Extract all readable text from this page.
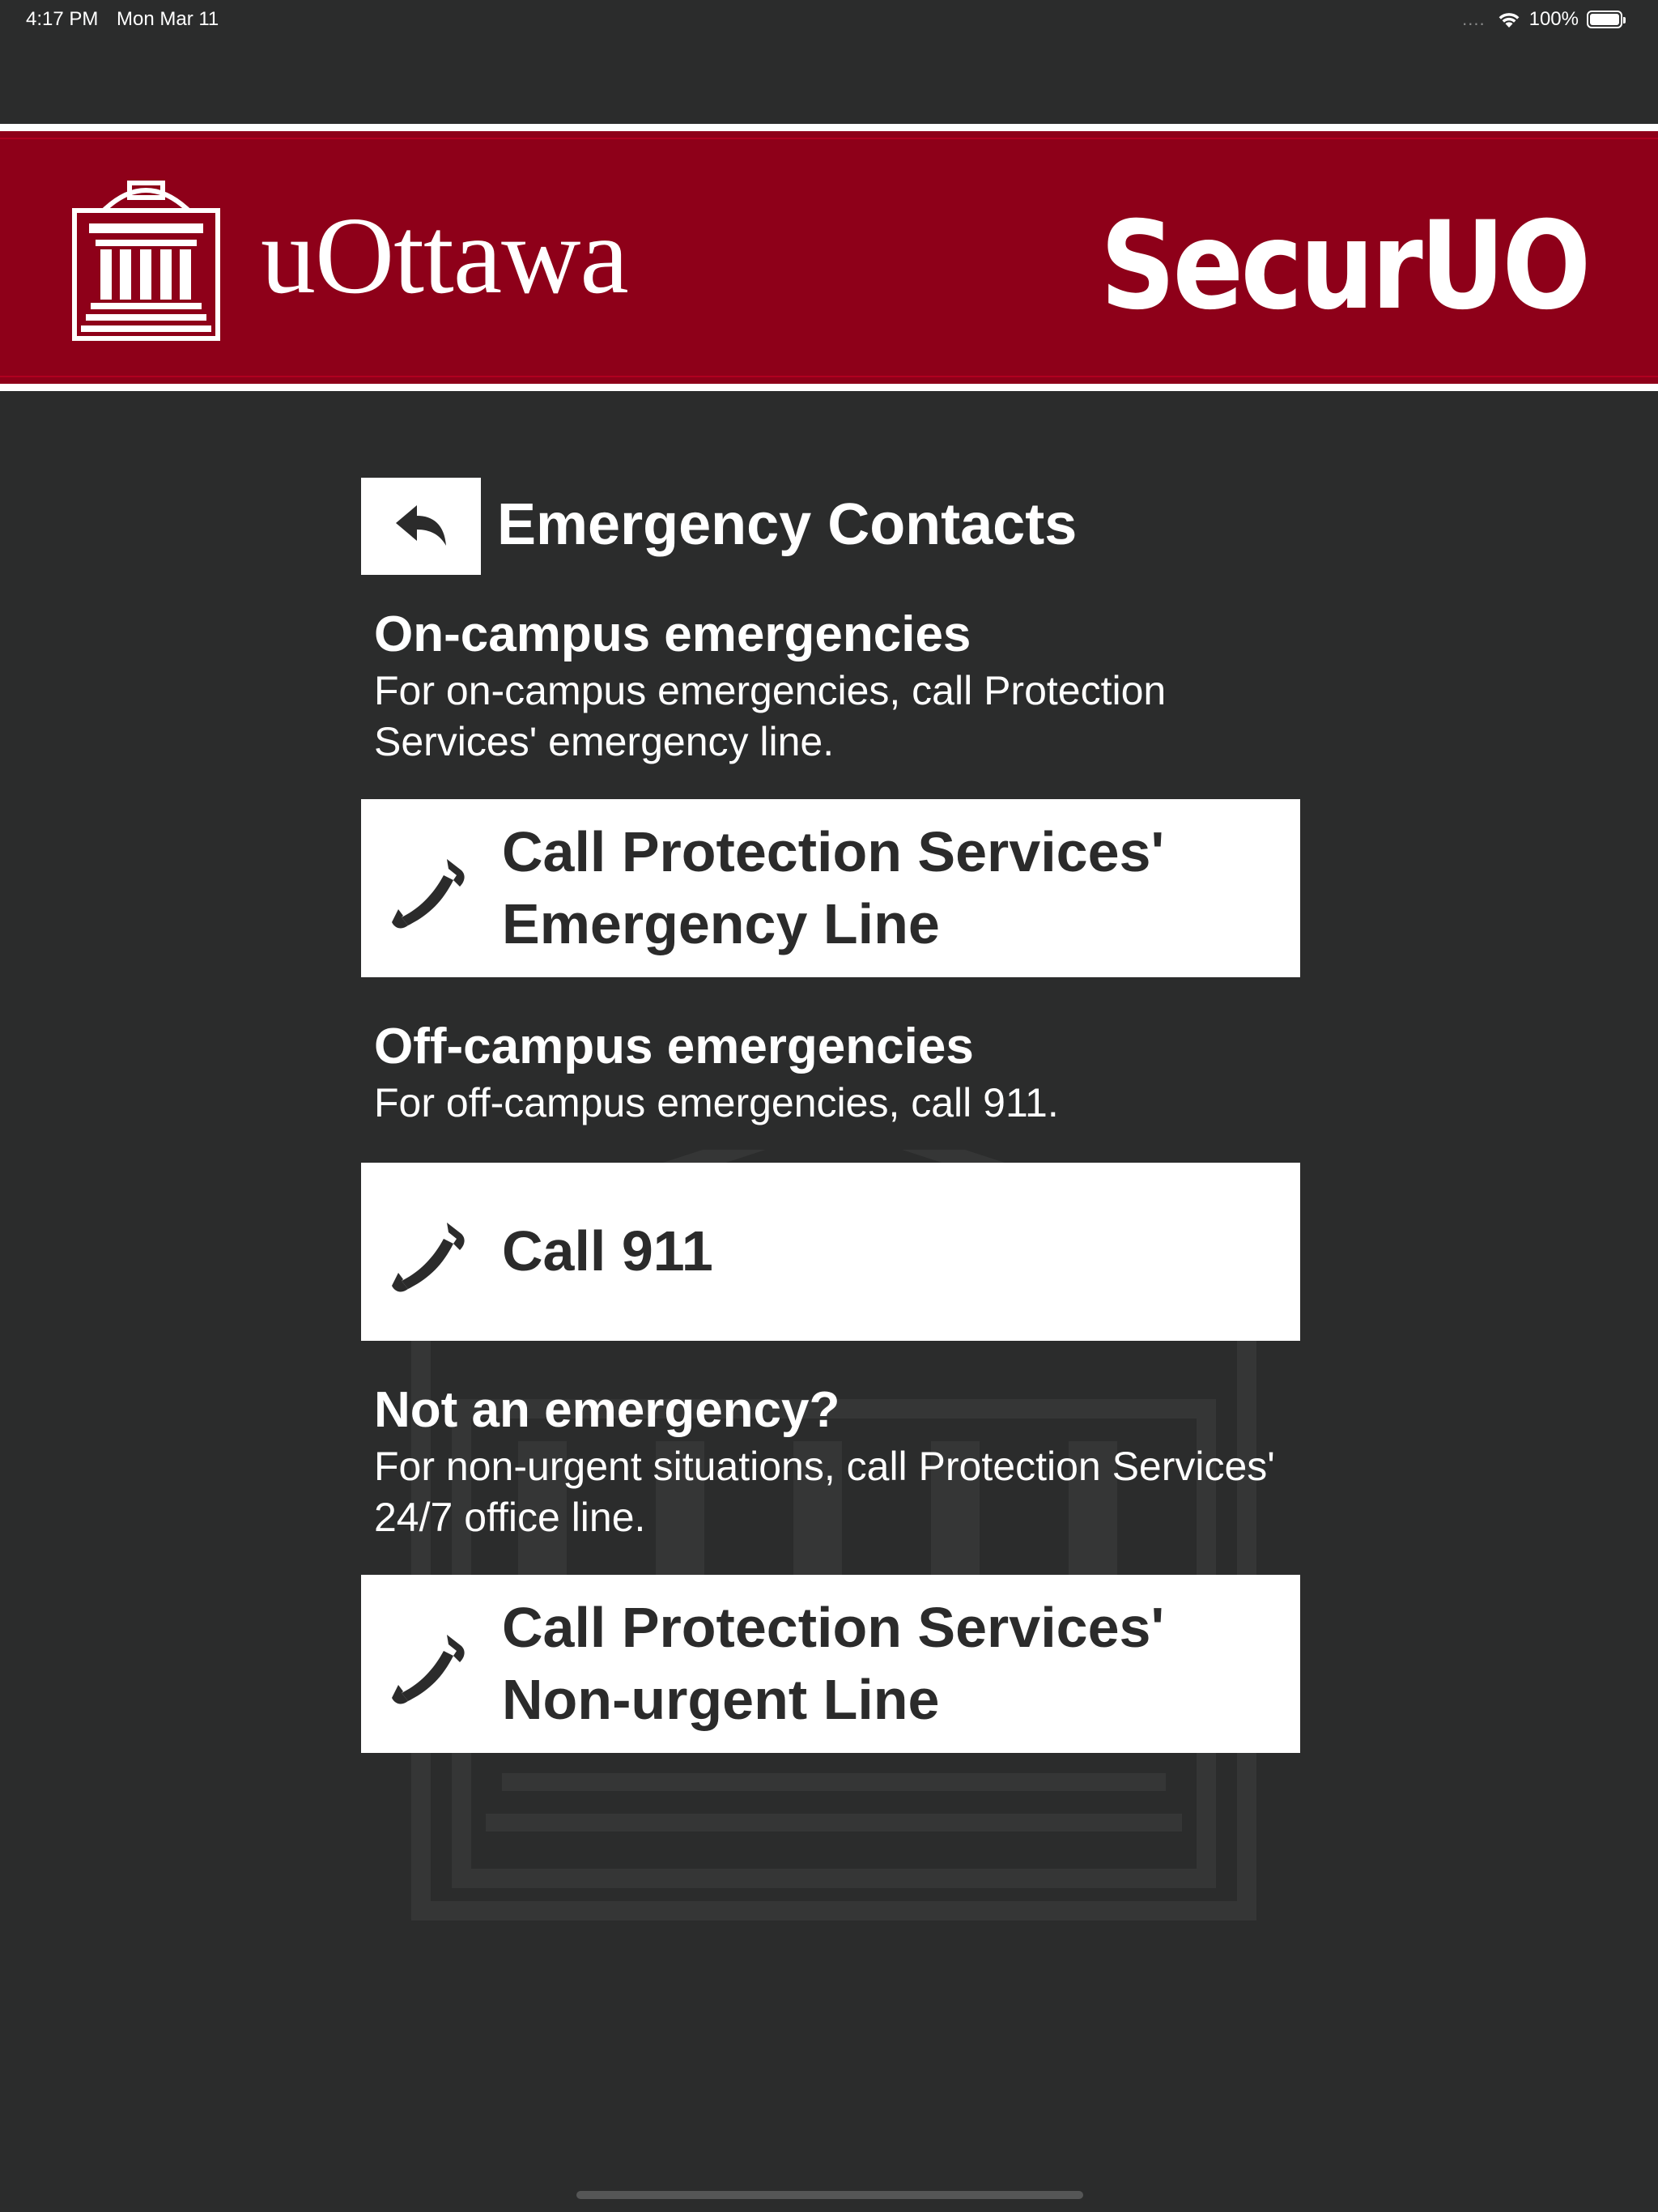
4:17 PM Mon Mar 11	.... 100%
uOttawa	SecurUO
Emergency Contacts
On-campus emergencies

For on-campus emergencies, call Protection Services' emergency line.

Call Protection Services'
Emergency Line
Off-campus emergencies

For off-campus emergencies, call 911.

Call 911
Not an emergency?

For non-urgent situations, call Protection Services' 24/7 office line.

Call Protection Services'
Non-urgent Line
